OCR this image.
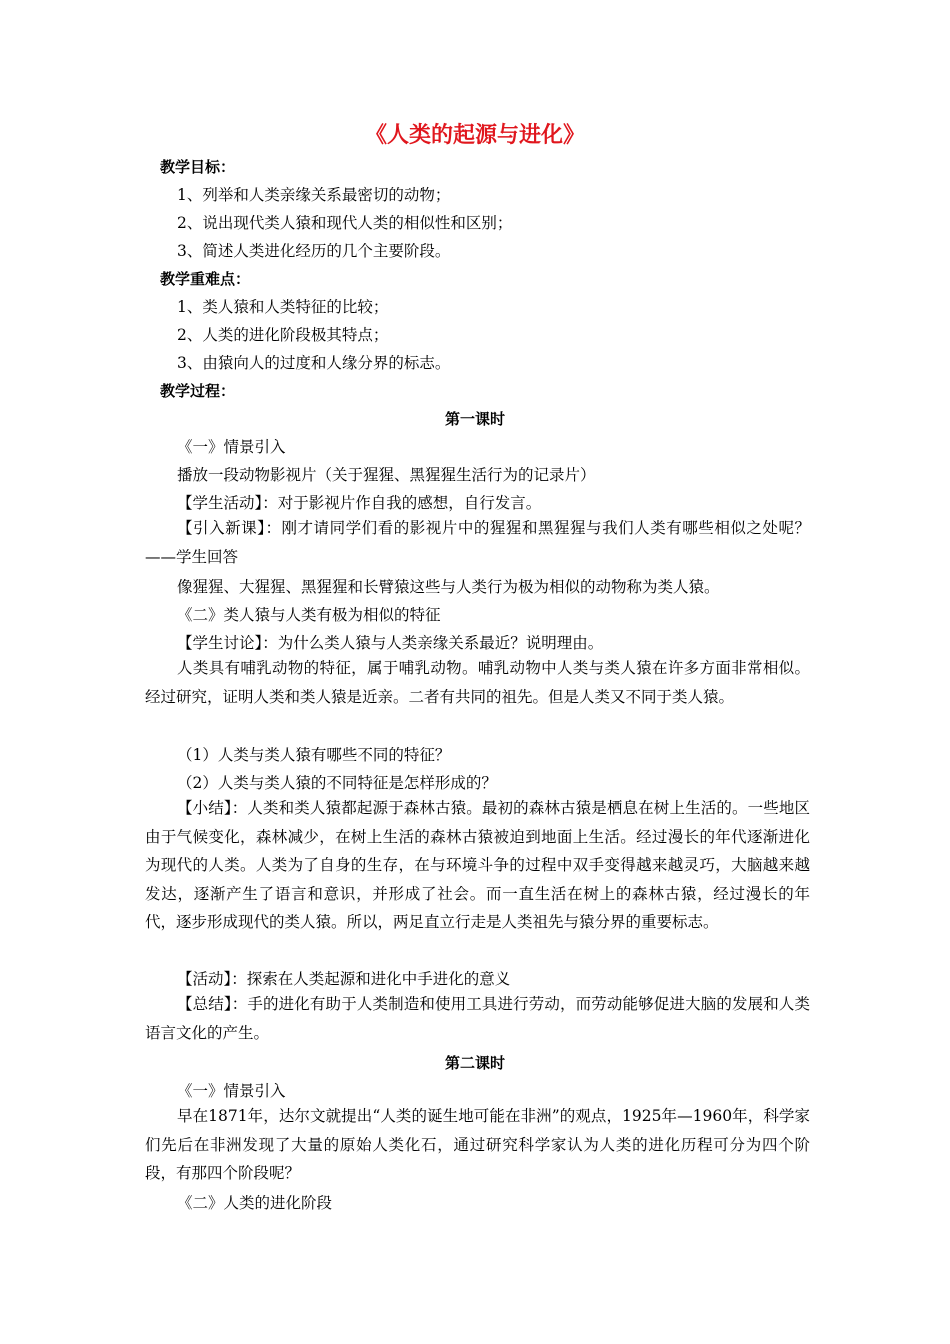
《人类的起源与进化》
教学目标：
1、列举和人类亲缘关系最密切的动物；
2、说出现代类人猿和现代人类的相似性和区别；
3、简述人类进化经历的几个主要阶段。
教学重难点：
1、类人猿和人类特征的比较；
2、人类的进化阶段极其特点；
3、由猿向人的过度和人缘分界的标志。
教学过程：
第一课时
《一》情景引入
播放一段动物影视片（关于猩猩、黑猩猩生活行为的记录片）
【学生活动】：对于影视片作自我的感想，自行发言。
【引入新课】：刚才请同学们看的影视片中的猩猩和黑猩猩与我们人类有哪些相似之处呢？——学生回答
像猩猩、大猩猩、黑猩猩和长臂猿这些与人类行为极为相似的动物称为类人猿。
《二》类人猿与人类有极为相似的特征
【学生讨论】：为什么类人猿与人类亲缘关系最近？说明理由。
人类具有哺乳动物的特征，属于哺乳动物。哺乳动物中人类与类人猿在许多方面非常相似。经过研究，证明人类和类人猿是近亲。二者有共同的祖先。但是人类又不同于类人猿。
（1）人类与类人猿有哪些不同的特征？
（2）人类与类人猿的不同特征是怎样形成的？
【小结】：人类和类人猿都起源于森林古猿。最初的森林古猿是栖息在树上生活的。一些地区由于气候变化，森林减少，在树上生活的森林古猿被迫到地面上生活。经过漫长的年代逐渐进化为现代的人类。人类为了自身的生存，在与环境斗争的过程中双手变得越来越灵巧，大脑越来越发达，逐渐产生了语言和意识，并形成了社会。而一直生活在树上的森林古猿，经过漫长的年代，逐步形成现代的类人猿。所以，两足直立行走是人类祖先与猿分界的重要标志。
【活动】：探索在人类起源和进化中手进化的意义
【总结】：手的进化有助于人类制造和使用工具进行劳动，而劳动能够促进大脑的发展和人类语言文化的产生。
第二课时
《一》情景引入
早在1871年，达尔文就提出“人类的诞生地可能在非洲”的观点，1925年—1960年，科学家们先后在非洲发现了大量的原始人类化石，通过研究科学家认为人类的进化历程可分为四个阶段，有那四个阶段呢？
《二》人类的进化阶段
